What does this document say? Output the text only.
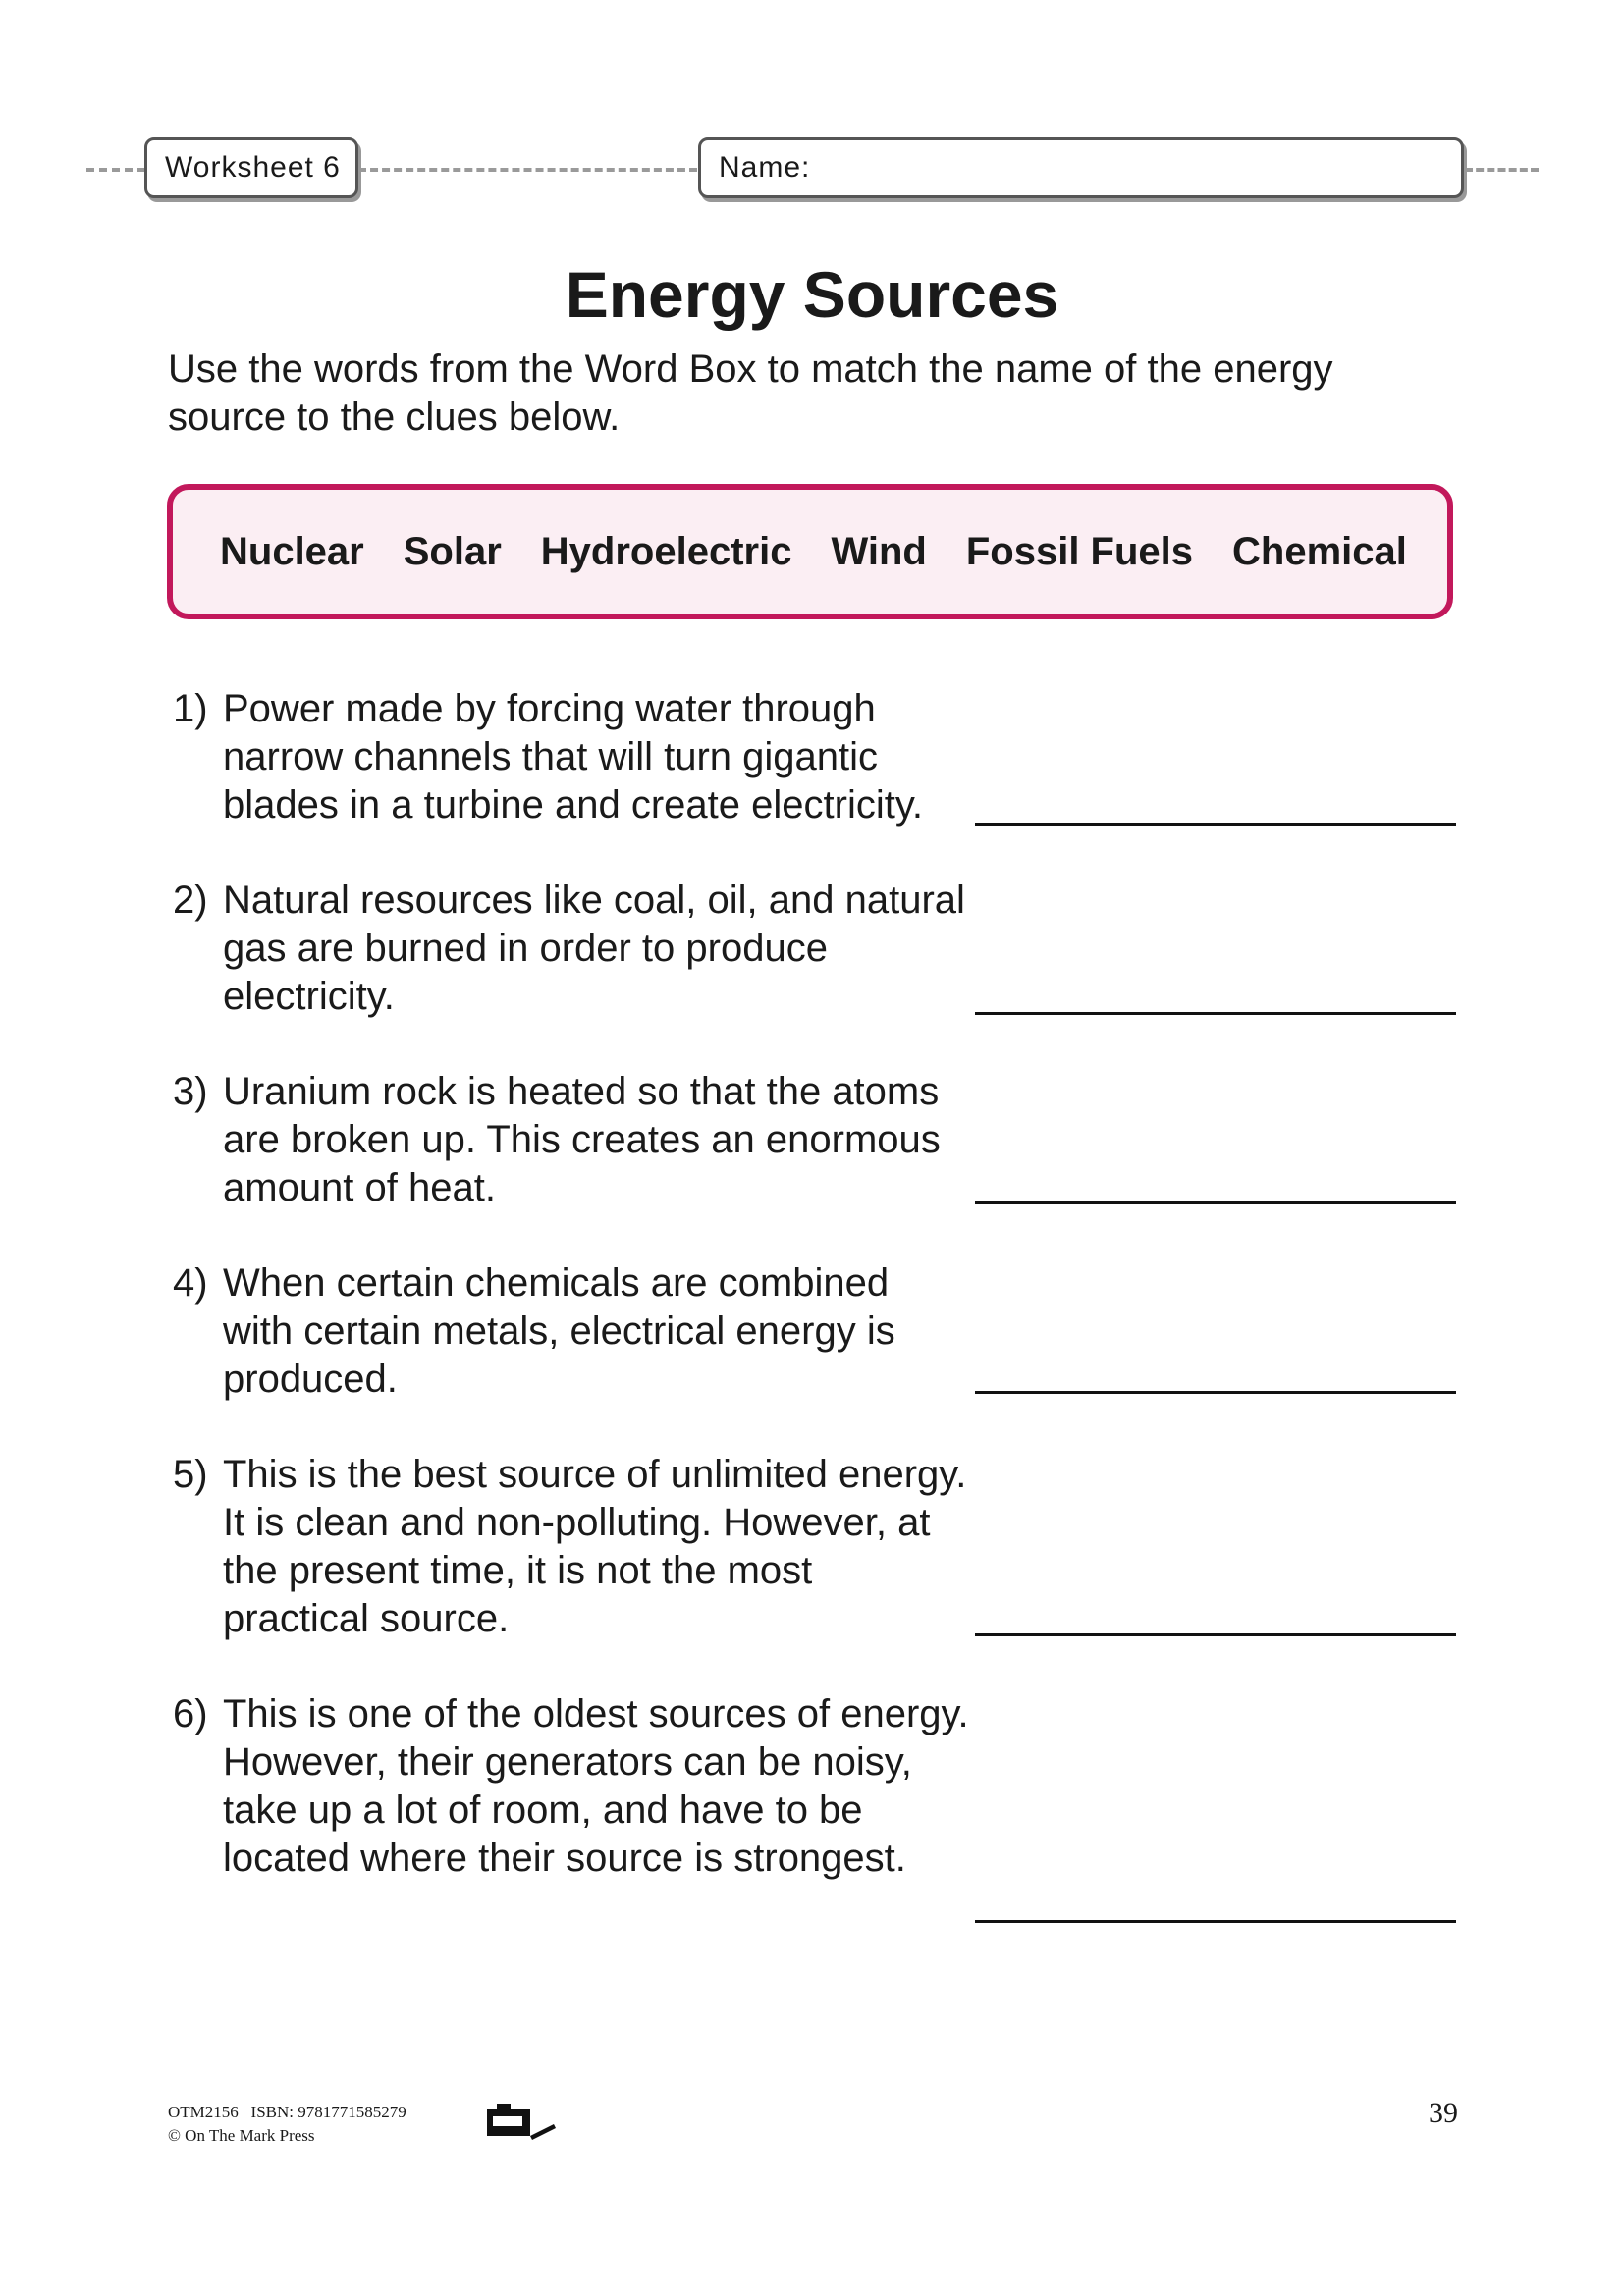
Worksheet 6	Name:
Energy Sources

Use the words from the Word Box to match the name of the energy source to the clues below.

Nuclear Solar Hydroelectric Wind Fossil Fuels Chemical
1) Power made by forcing water through narrow channels that will turn gigantic blades in a turbine and create electricity.
2) Natural resources like coal, oil, and natural gas are burned in order to produce electricity.
3) Uranium rock is heated so that the atoms are broken up. This creates an enormous amount of heat.
4) When certain chemicals are combined with certain metals, electrical energy is produced.
5) This is the best source of unlimited energy. It is clean and non-polluting. However, at the present time, it is not the most practical source.
6) This is one of the oldest sources of energy. However, their generators can be noisy, take up a lot of room, and have to be located where their source is strongest.
OTM2156   ISBN: 9781771585279
© On The Mark Press
39
